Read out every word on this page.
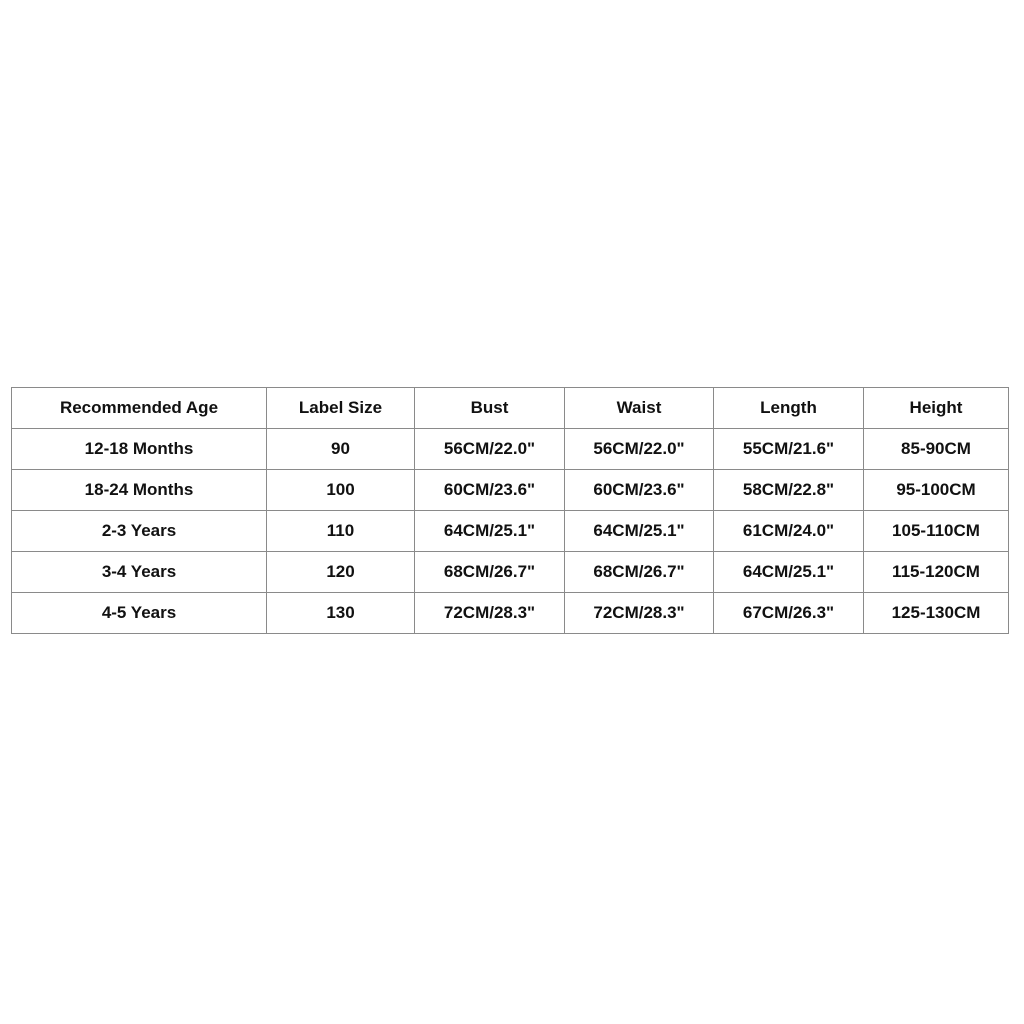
Recommended Age	Label Size	Bust	Waist	Length	Height
12-18 Months	90	56CM/22.0"	56CM/22.0"	55CM/21.6"	85-90CM
18-24 Months	100	60CM/23.6"	60CM/23.6"	58CM/22.8"	95-100CM
2-3 Years	110	64CM/25.1"	64CM/25.1"	61CM/24.0"	105-110CM
3-4 Years	120	68CM/26.7"	68CM/26.7"	64CM/25.1"	115-120CM
4-5 Years	130	72CM/28.3"	72CM/28.3"	67CM/26.3"	125-130CM
